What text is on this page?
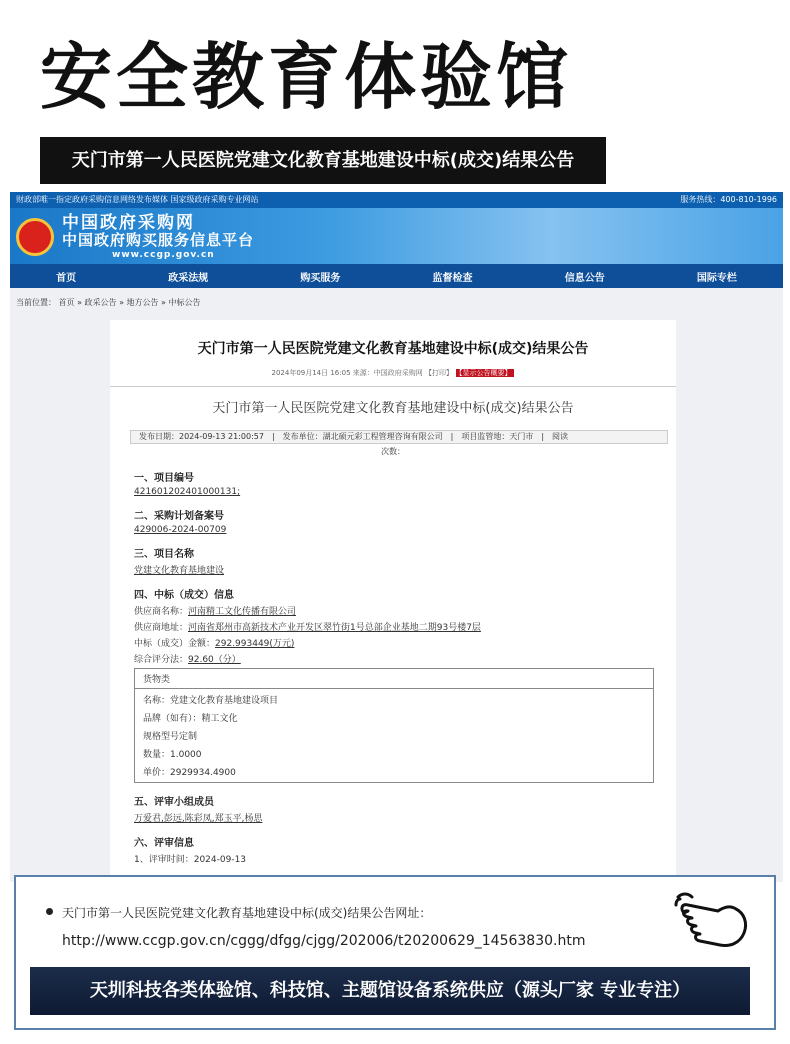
安全教育体验馆
天门市第一人民医院党建文化教育基地建设中标(成交)结果公告
财政部唯一指定政府采购信息网络发布媒体 国家级政府采购专业网站	服务热线：400-810-1996
中国政府采购网
中国政府购买服务信息平台
www.ccgp.gov.cn
首页	政采法规	购买服务	监督检查	信息公告	国际专栏
当前位置： 首页 » 政采公告 » 地方公告 » 中标公告
天门市第一人民医院党建文化教育基地建设中标(成交)结果公告
2024年09月14日 16:05 来源：中国政府采购网 【打印】 【显示公告概要】
天门市第一人民医院党建文化教育基地建设中标(成交)结果公告
发布日期：2024-09-13 21:00:57　|　发布单位：湖北硕元彩工程管理咨询有限公司　|　项目监管地：天门市　|　阅读
次数：
一、项目编号
421601202401000131;
二、采购计划备案号
429006-2024-00709
三、项目名称
党建文化教育基地建设
四、中标（成交）信息
供应商名称：河南精工文化传播有限公司
供应商地址：河南省郑州市高新技术产业开发区翠竹街1号总部企业基地二期93号楼7层
中标（成交）金额：292.993449(万元)
综合评分法：92.60（分）
货物类
名称：党建文化教育基地建设项目
品牌（如有）：精工文化
规格型号定制
数量：1.0000
单价：2929934.4900
五、评审小组成员
万爱君,彭远,陈彩凤,郑玉平,杨思
六、评审信息
1、评审时间：2024-09-13
天门市第一人民医院党建文化教育基地建设中标(成交)结果公告网址：
http://www.ccgp.gov.cn/cggg/dfgg/cjgg/202006/t20200629_14563830.htm
天圳科技各类体验馆、科技馆、主题馆设备系统供应（源头厂家 专业专注）
